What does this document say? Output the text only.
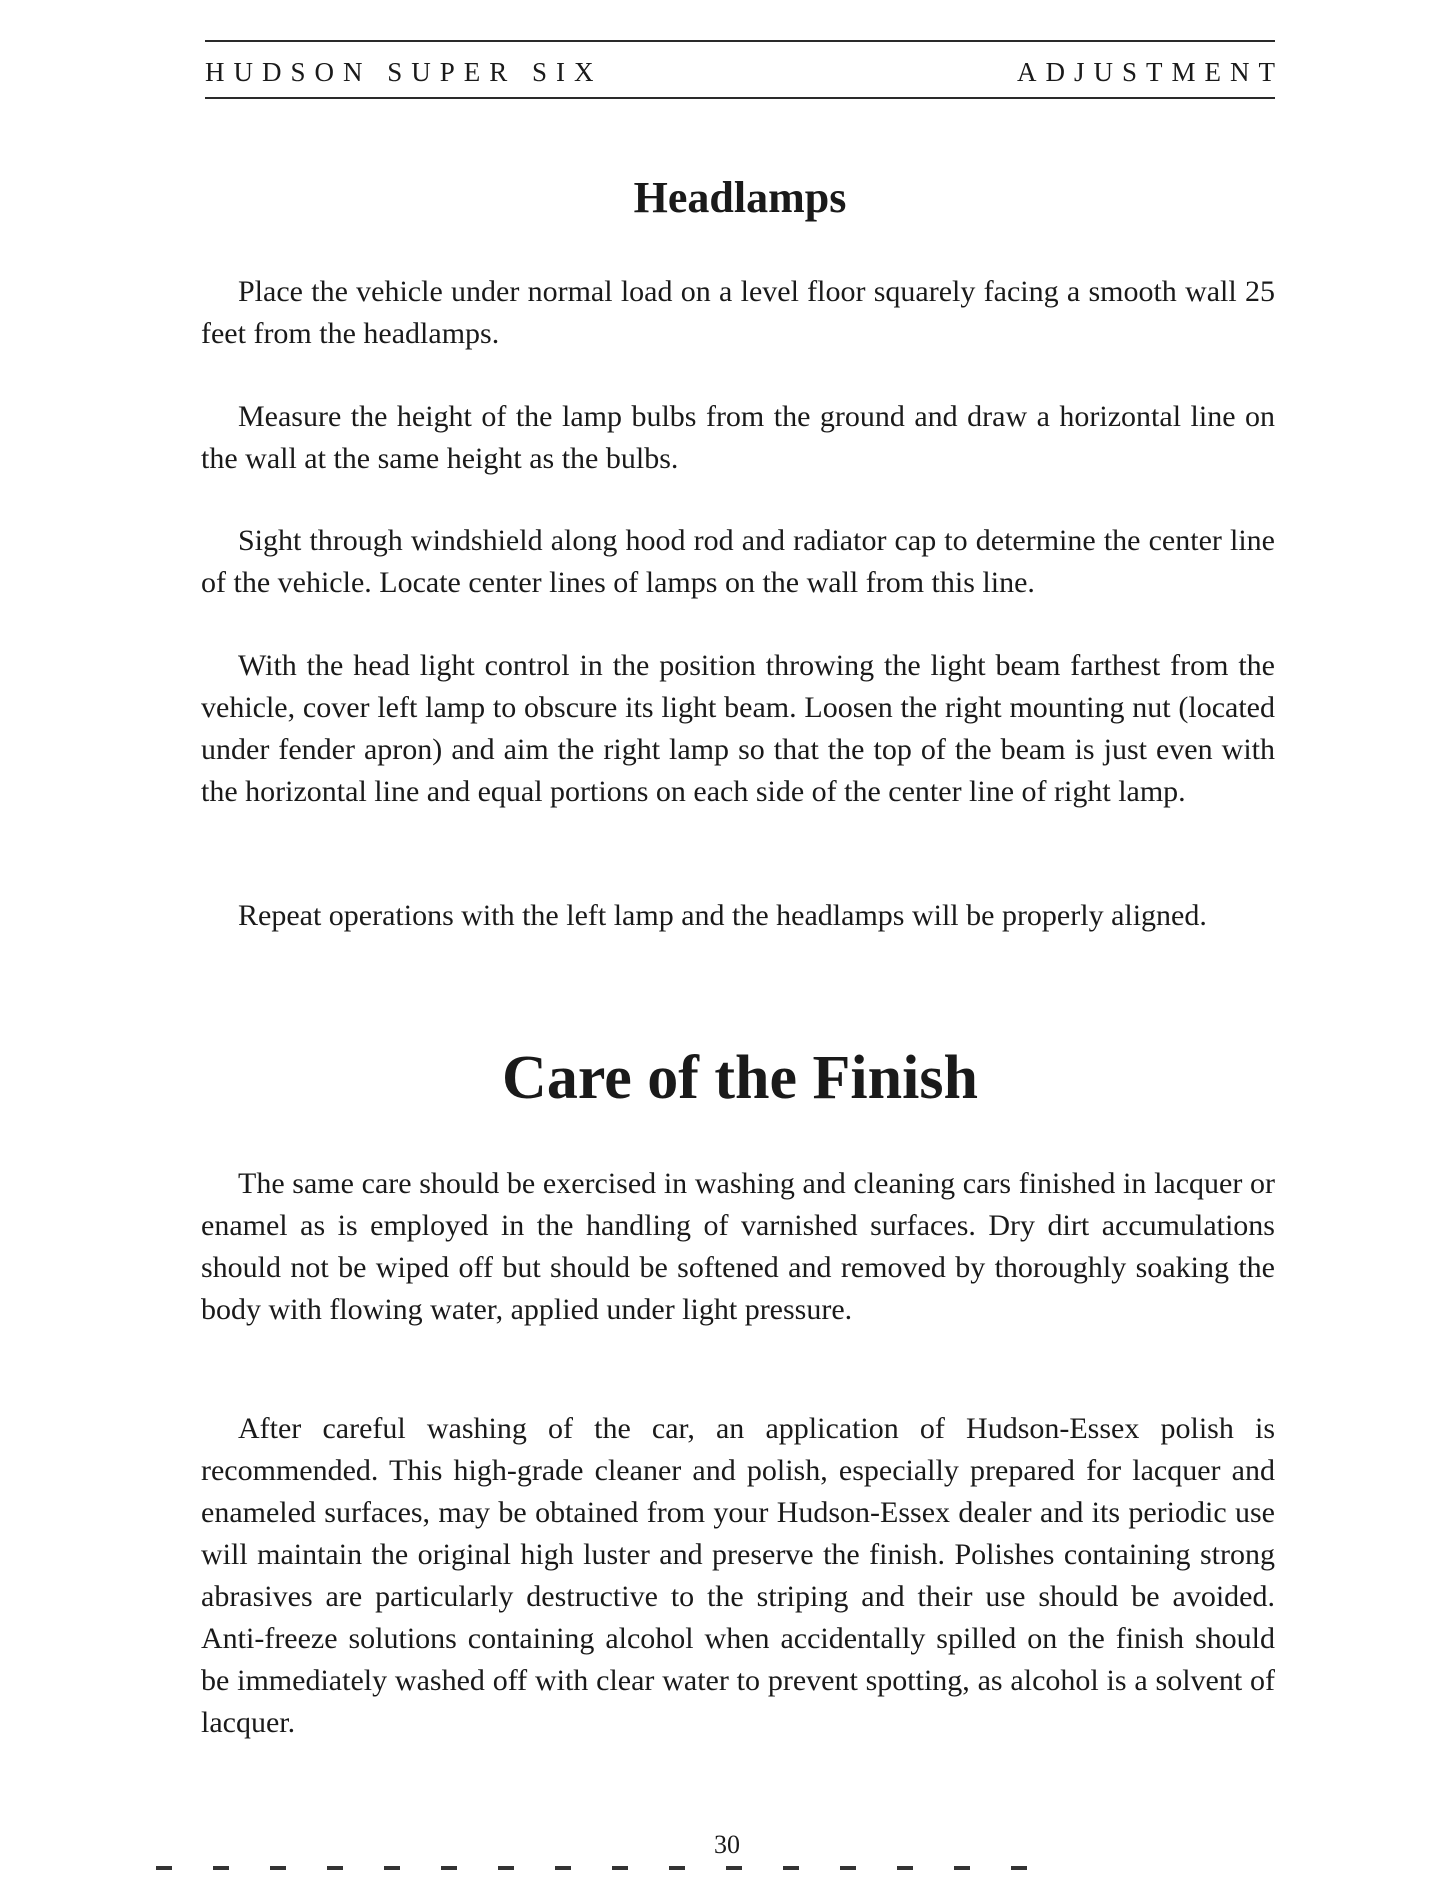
HUDSON SUPER SIX	ADJUSTMENT
Headlamps

Place the vehicle under normal load on a level floor squarely facing a smooth wall 25 feet from the headlamps.

Measure the height of the lamp bulbs from the ground and draw a horizontal line on the wall at the same height as the bulbs.

Sight through windshield along hood rod and radiator cap to determine the center line of the vehicle. Locate center lines of lamps on the wall from this line.

With the head light control in the position throwing the light beam farthest from the vehicle, cover left lamp to obscure its light beam. Loosen the right mounting nut (located under fender apron) and aim the right lamp so that the top of the beam is just even with the horizontal line and equal portions on each side of the center line of right lamp.

Repeat operations with the left lamp and the headlamps will be properly aligned.

Care of the Finish

The same care should be exercised in washing and cleaning cars finished in lacquer or enamel as is employed in the handling of varnished surfaces. Dry dirt accumulations should not be wiped off but should be softened and removed by thoroughly soaking the body with flowing water, applied under light pressure.

After careful washing of the car, an application of Hudson-Essex polish is recommended. This high-grade cleaner and polish, especially prepared for lacquer and enameled surfaces, may be obtained from your Hudson-Essex dealer and its periodic use will maintain the original high luster and preserve the finish. Polishes containing strong abrasives are particularly destructive to the striping and their use should be avoided. Anti-freeze solutions containing alcohol when accidentally spilled on the finish should be immediately washed off with clear water to prevent spotting, as alcohol is a solvent of lacquer.

30
